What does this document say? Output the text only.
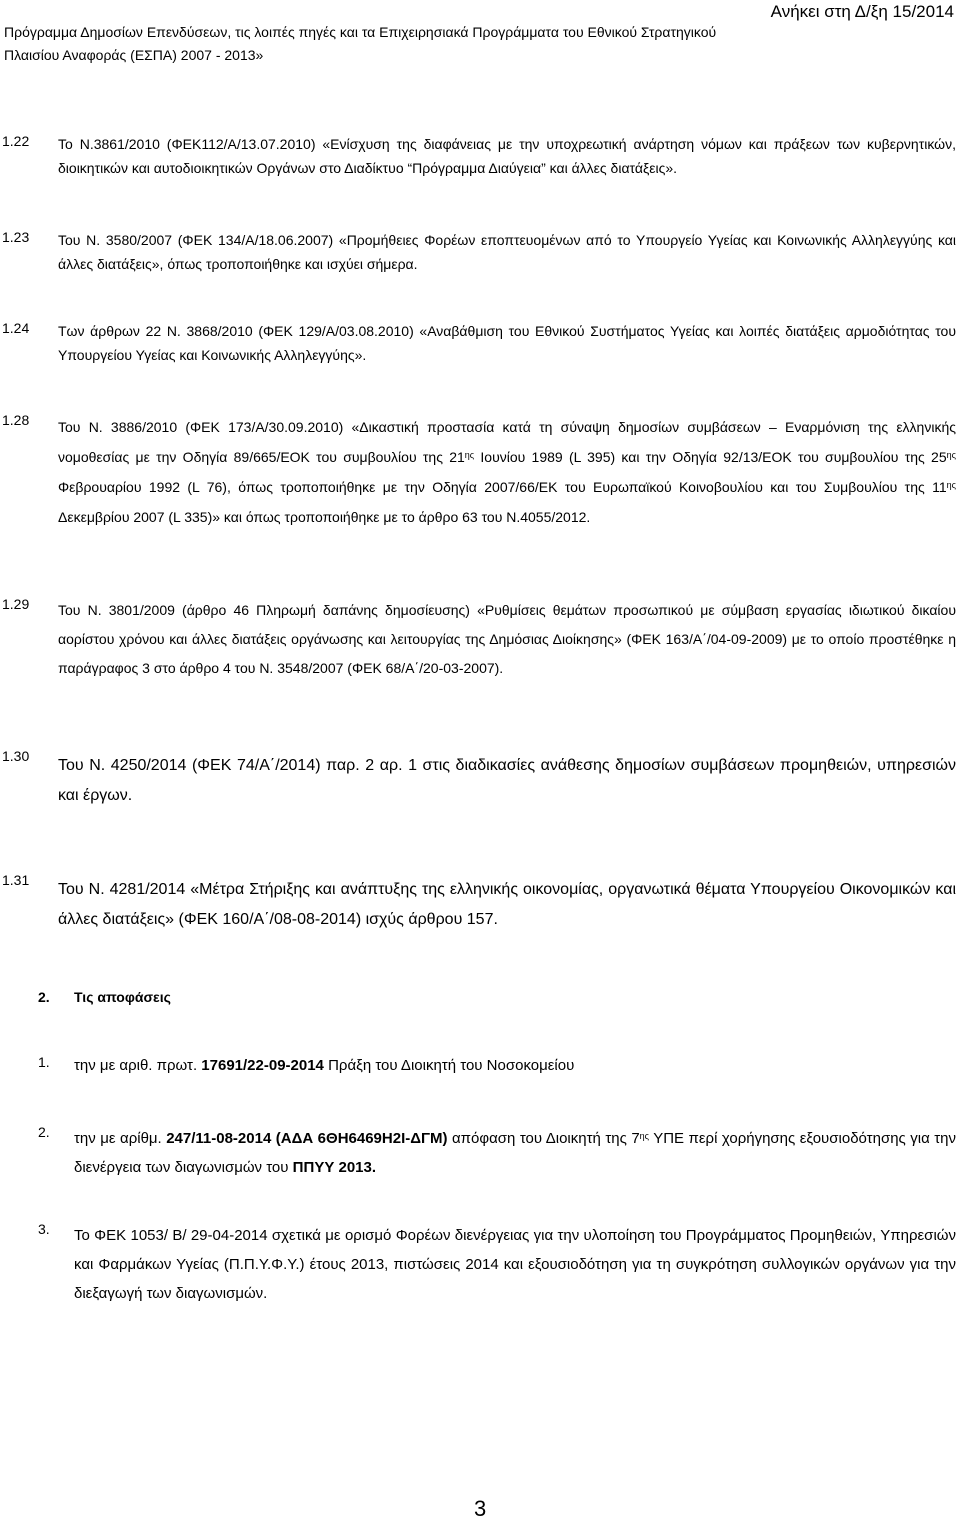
Ανήκει στη Δ/ξη 15/2014
Πρόγραμμα Δημοσίων Επενδύσεων, τις λοιπές πηγές και τα Επιχειρησιακά Προγράμματα του Εθνικού Στρατηγικού
Πλαισίου Αναφοράς (ΕΣΠΑ) 2007 - 2013»
1.22 Το Ν.3861/2010 (ΦΕΚ112/Α/13.07.2010) «Ενίσχυση της διαφάνειας με την υποχρεωτική ανάρτηση νόμων και πράξεων των κυβερνητικών, διοικητικών και αυτοδιοικητικών Οργάνων στο Διαδίκτυο “Πρόγραμμα Διαύγεια” και άλλες διατάξεις».
1.23 Του Ν. 3580/2007 (ΦΕΚ 134/Α/18.06.2007) «Προμήθειες Φορέων εποπτευομένων από το Υπουργείο Υγείας και Κοινωνικής Αλληλεγγύης και άλλες διατάξεις», όπως τροποποιήθηκε και ισχύει σήμερα.
1.24 Των άρθρων 22 Ν. 3868/2010 (ΦΕΚ 129/Α/03.08.2010) «Αναβάθμιση του Εθνικού Συστήματος Υγείας και λοιπές διατάξεις αρμοδιότητας του Υπουργείου Υγείας και Κοινωνικής Αλληλεγγύης».
1.28 Του Ν. 3886/2010 (ΦΕΚ 173/Α/30.09.2010) «Δικαστική προστασία κατά τη σύναψη δημοσίων συμβάσεων – Εναρμόνιση της ελληνικής νομοθεσίας με την Οδηγία 89/665/ΕΟΚ του συμβουλίου της $21^{\eta\varsigma}$ Ιουνίου 1989 (L 395) και την Οδηγία 92/13/ΕΟΚ του συμβουλίου της $25^{\eta\varsigma}$ Φεβρουαρίου 1992 (L 76), όπως τροποποιήθηκε με την Οδηγία 2007/66/ΕΚ του Ευρωπαϊκού Κοινοβουλίου και του Συμβουλίου της $11^{\eta\varsigma}$ Δεκεμβρίου 2007 (L 335)» και όπως τροποποιήθηκε με το άρθρο 63 του Ν.4055/2012.
1.29 Του Ν. 3801/2009 (άρθρο 46 Πληρωμή δαπάνης δημοσίευσης) «Ρυθμίσεις θεμάτων προσωπικού με σύμβαση εργασίας ιδιωτικού δικαίου αορίστου χρόνου και άλλες διατάξεις οργάνωσης και λειτουργίας της Δημόσιας Διοίκησης» (ΦΕΚ 163/Α΄/04-09-2009) με το οποίο προστέθηκε η παράγραφος 3 στο άρθρο 4 του Ν. 3548/2007 (ΦΕΚ 68/Α΄/20-03-2007).
1.30
Του Ν. 4250/2014 (ΦΕΚ 74/Α΄/2014) παρ. 2 αρ. 1 στις διαδικασίες ανάθεσης δημοσίων συμβάσεων προμηθειών, υπηρεσιών και έργων.
1.31
Του Ν. 4281/2014 «Μέτρα Στήριξης και ανάπτυξης της ελληνικής οικονομίας, οργανωτικά θέματα Υπουργείου Οικονομικών και άλλες διατάξεις» (ΦΕΚ 160/Α΄/08-08-2014) ισχύς άρθρου 157.
2. Τις αποφάσεις
1. την με αριθ. πρωτ. 17691/22-09-2014 Πράξη του Διοικητή του Νοσοκομείου
2. την με αρίθμ. 247/11-08-2014 (ΑΔΑ 6ΘΗ6469Η2Ι-ΔΓΜ) απόφαση του Διοικητή της $7^{\eta\varsigma}$ ΥΠΕ περί χορήγησης εξουσιοδότησης για την διενέργεια των διαγωνισμών του ΠΠΥΥ 2013.
3. Το ΦΕΚ 1053/ Β/ 29-04-2014 σχετικά με ορισμό Φορέων διενέργειας για την υλοποίηση του Προγράμματος Προμηθειών, Υπηρεσιών και Φαρμάκων Υγείας (Π.Π.Υ.Φ.Υ.) έτους 2013, πιστώσεις 2014 και εξουσιοδότηση για τη συγκρότηση συλλογικών οργάνων για την διεξαγωγή των διαγωνισμών.
3
